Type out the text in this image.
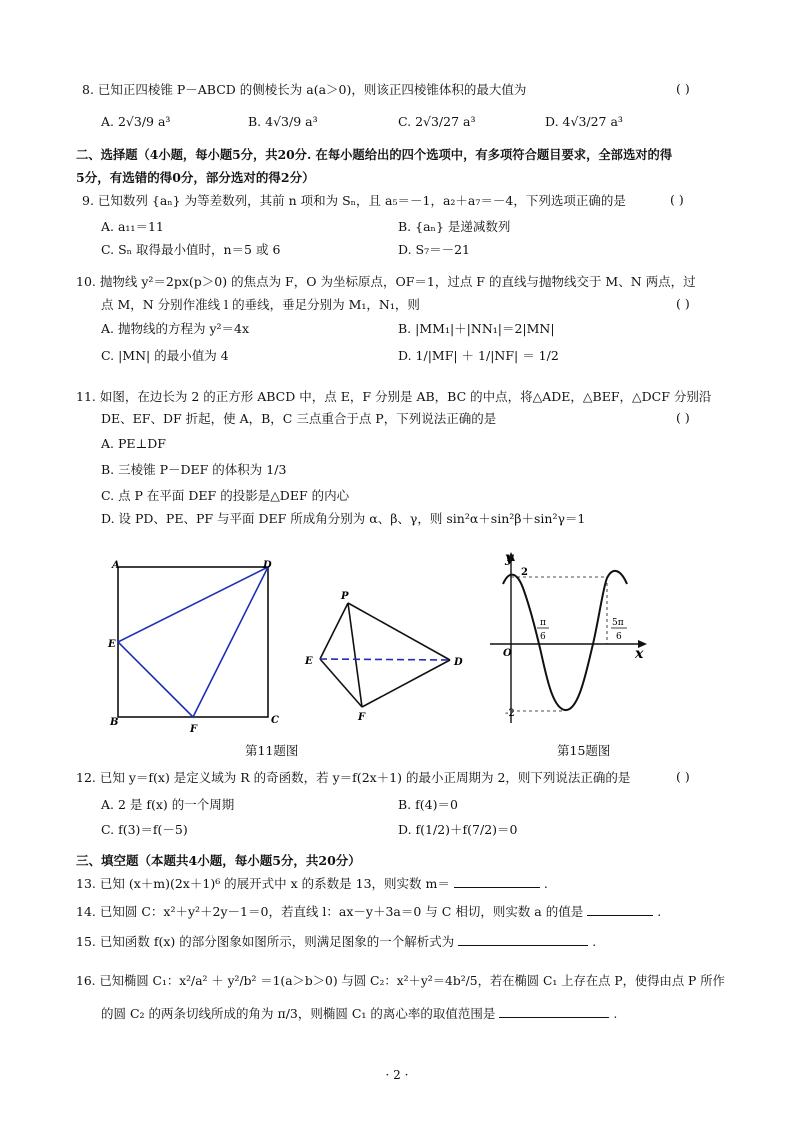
8. 已知正四棱锥 P－ABCD 的侧棱长为 a(a＞0)，则该正四棱锥体积的最大值为	( )
A. 2√3/9 a³	B. 4√3/9 a³	C. 2√3/27 a³	D. 4√3/27 a³
二、选择题（4小题，每小题5分，共20分. 在每小题给出的四个选项中，有多项符合题目要求，全部选对的得
5分，有选错的得0分，部分选对的得2分）
9. 已知数列 {aₙ} 为等差数列，其前 n 项和为 Sₙ，且 a₅＝－1，a₂＋a₇＝－4，下列选项正确的是	( )
A. a₁₁＝11	B. {aₙ} 是递减数列
C. Sₙ 取得最小值时，n＝5 或 6	D. S₇＝－21
10. 抛物线 y²＝2px(p＞0) 的焦点为 F，O 为坐标原点，OF＝1，过点 F 的直线与抛物线交于 M、N 两点，过
点 M，N 分别作准线 l 的垂线，垂足分别为 M₁，N₁，则	( )
A. 抛物线的方程为 y²＝4x	B. |MM₁|＋|NN₁|＝2|MN|
C. |MN| 的最小值为 4	D. 1/|MF| ＋ 1/|NF| ＝ 1/2
11. 如图，在边长为 2 的正方形 ABCD 中，点 E，F 分别是 AB，BC 的中点，将△ADE，△BEF，△DCF 分别沿
DE、EF、DF 折起，使 A，B，C 三点重合于点 P，下列说法正确的是	( )
A. PE⊥DF
B. 三棱锥 P－DEF 的体积为 1/3
C. 点 P 在平面 DEF 的投影是△DEF 的内心
D. 设 PD、PE、PF 与平面 DEF 所成角分别为 α、β、γ，则 sin²α＋sin²β＋sin²γ＝1
A
B	C
D
E
F
P
E	D
F
第11题图
y
x
O
2
-2
π
6
5π
6
第15题图
12. 已知 y＝f(x) 是定义域为 R 的奇函数，若 y＝f(2x＋1) 的最小正周期为 2，则下列说法正确的是	( )
A. 2 是 f(x) 的一个周期	B. f(4)＝0
C. f(3)＝f(－5)	D. f(1/2)＋f(7/2)＝0
三、填空题（本题共4小题，每小题5分，共20分）
13. 已知 (x＋m)(2x＋1)⁶ 的展开式中 x 的系数是 13，则实数 m＝	.
14. 已知圆 C：x²＋y²＋2y－1＝0，若直线 l：ax－y＋3a＝0 与 C 相切，则实数 a 的值是	.
15. 已知函数 f(x) 的部分图象如图所示，则满足图象的一个解析式为	.
16. 已知椭圆 C₁：x²/a² ＋ y²/b² ＝1(a＞b＞0) 与圆 C₂：x²＋y²＝4b²/5，若在椭圆 C₁ 上存在点 P，使得由点 P 所作
的圆 C₂ 的两条切线所成的角为 π/3，则椭圆 C₁ 的离心率的取值范围是	.
· 2 ·
